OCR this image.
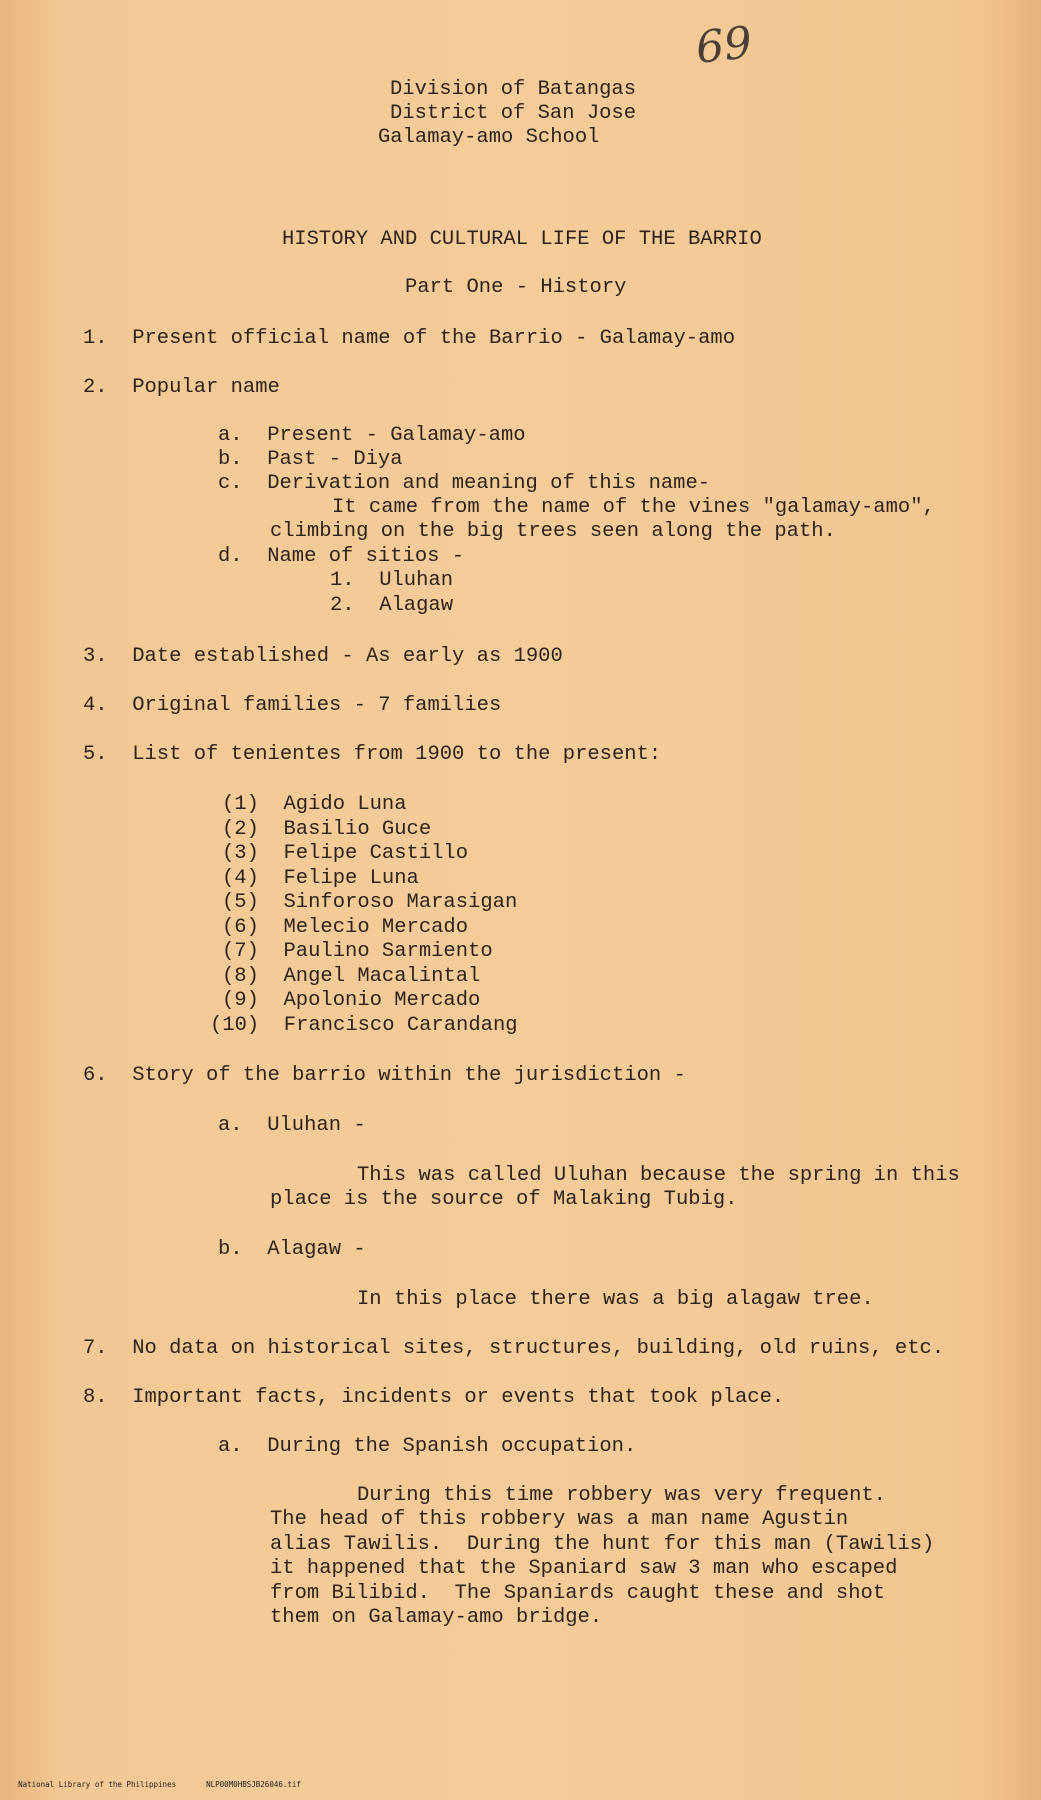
69
Division of Batangas
District of San Jose
Galamay-amo School
HISTORY AND CULTURAL LIFE OF THE BARRIO
Part One - History
1.  Present official name of the Barrio - Galamay-amo
2.  Popular name
a.  Present - Galamay-amo
b.  Past - Diya
c.  Derivation and meaning of this name-
It came from the name of the vines "galamay-amo",
climbing on the big trees seen along the path.
d.  Name of sitios -
1.  Uluhan
2.  Alagaw
3.  Date established - As early as 1900
4.  Original families - 7 families
5.  List of tenientes from 1900 to the present:
(1)  Agido Luna
(2)  Basilio Guce
(3)  Felipe Castillo
(4)  Felipe Luna
(5)  Sinforoso Marasigan
(6)  Melecio Mercado
(7)  Paulino Sarmiento
(8)  Angel Macalintal
(9)  Apolonio Mercado
(10)  Francisco Carandang
6.  Story of the barrio within the jurisdiction -
a.  Uluhan -
This was called Uluhan because the spring in this
place is the source of Malaking Tubig.
b.  Alagaw -
In this place there was a big alagaw tree.
7.  No data on historical sites, structures, building, old ruins, etc.
8.  Important facts, incidents or events that took place.
a.  During the Spanish occupation.
During this time robbery was very frequent.
The head of this robbery was a man name Agustin
alias Tawilis.  During the hunt for this man (Tawilis)
it happened that the Spaniard saw 3 man who escaped
from Bilibid.  The Spaniards caught these and shot
them on Galamay-amo bridge.

National Library of the Philippines	NLP00M0HBSJB26046.tif
